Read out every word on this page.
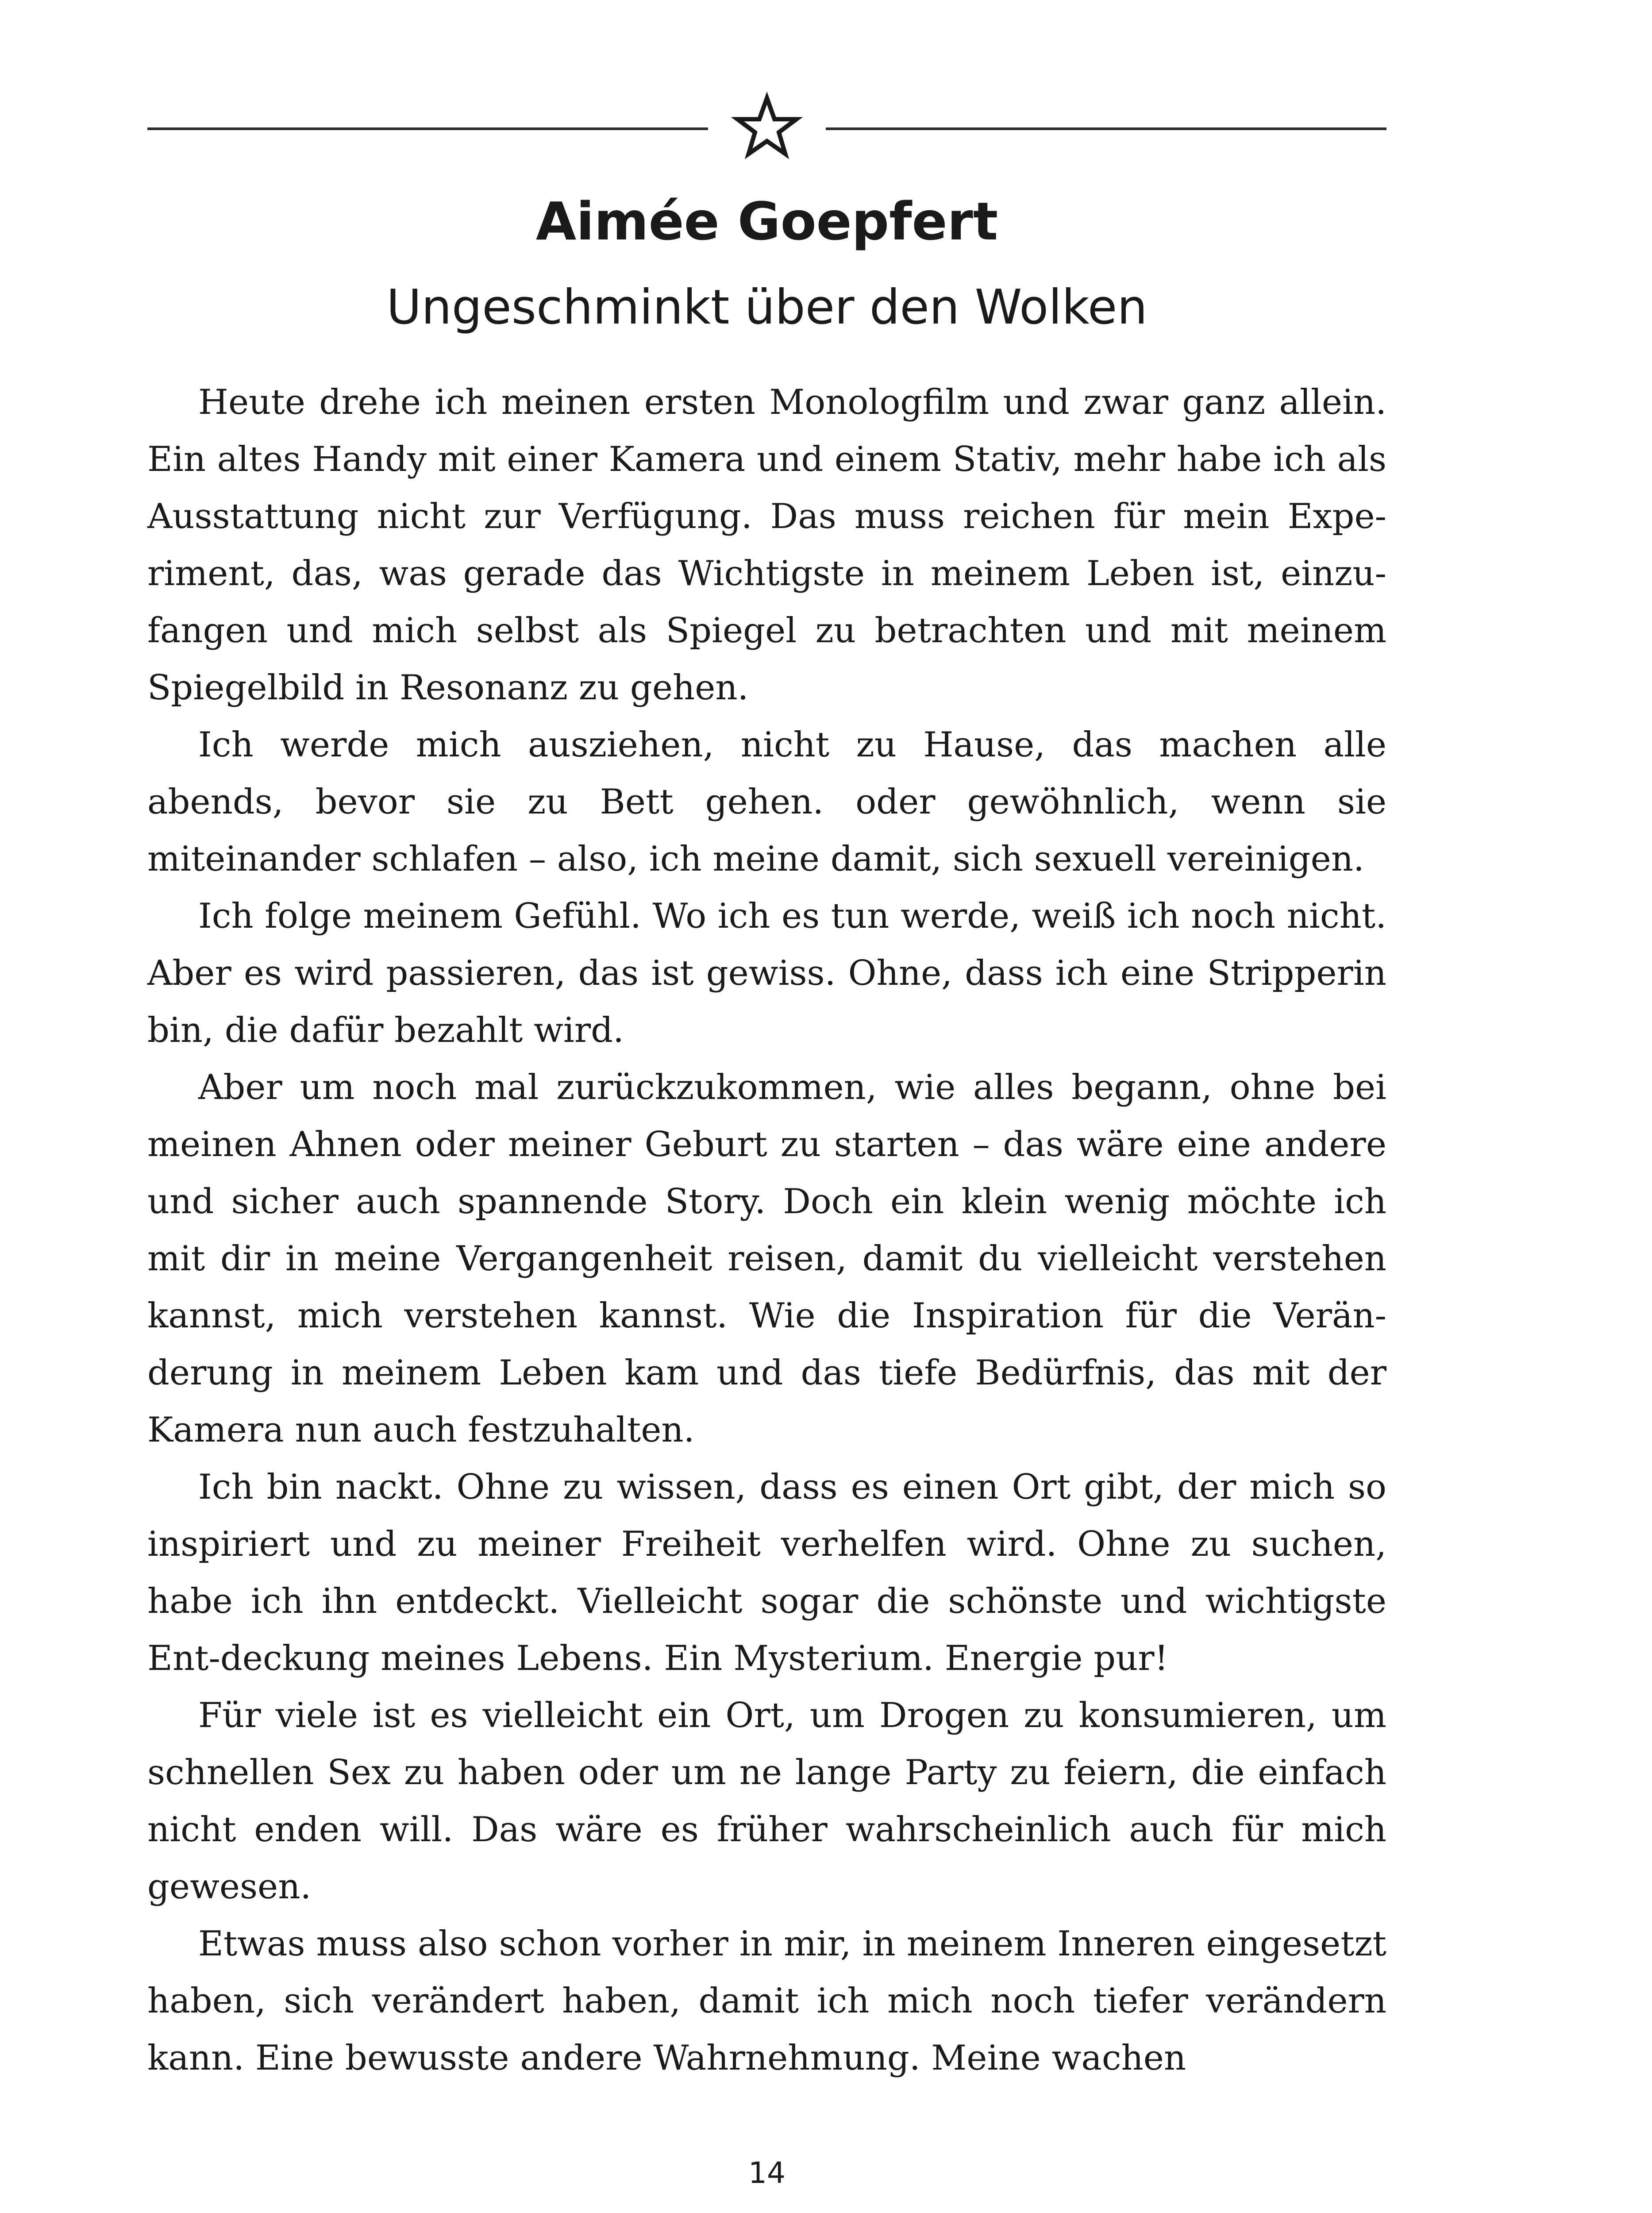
Aimée Goepfert
Ungeschminkt über den Wolken

Heute drehe ich meinen ersten Monologfilm und zwar ganz allein. Ein altes Handy mit einer Kamera und einem Stativ, mehr habe ich als Ausstattung nicht zur Verfügung. Das muss reichen für mein Experiment, das, was gerade das Wichtigste in meinem Leben ist, einzufangen und mich selbst als Spiegel zu betrachten und mit meinem Spiegelbild in Resonanz zu gehen.

Ich werde mich ausziehen, nicht zu Hause, das machen alle abends, bevor sie zu Bett gehen. oder gewöhnlich, wenn sie miteinander schlafen – also, ich meine damit, sich sexuell vereinigen.

Ich folge meinem Gefühl. Wo ich es tun werde, weiß ich noch nicht. Aber es wird passieren, das ist gewiss. Ohne, dass ich eine Stripperin bin, die dafür bezahlt wird.

Aber um noch mal zurückzukommen, wie alles begann, ohne bei meinen Ahnen oder meiner Geburt zu starten – das wäre eine andere und sicher auch spannende Story. Doch ein klein wenig möchte ich mit dir in meine Vergangenheit reisen, damit du vielleicht verstehen kannst, mich verstehen kannst. Wie die Inspiration für die Veränderung in meinem Leben kam und das tiefe Bedürfnis, das mit der Kamera nun auch festzuhalten.

Ich bin nackt. Ohne zu wissen, dass es einen Ort gibt, der mich so inspiriert und zu meiner Freiheit verhelfen wird. Ohne zu suchen, habe ich ihn entdeckt. Vielleicht sogar die schönste und wichtigste Ent-deckung meines Lebens. Ein Mysterium. Energie pur!

Für viele ist es vielleicht ein Ort, um Drogen zu konsumieren, um schnellen Sex zu haben oder um ne lange Party zu feiern, die einfach nicht enden will. Das wäre es früher wahrscheinlich auch für mich gewesen.

Etwas muss also schon vorher in mir, in meinem Inneren eingesetzt haben, sich verändert haben, damit ich mich noch tiefer verändern kann. Eine bewusste andere Wahrnehmung. Meine wachen

14
